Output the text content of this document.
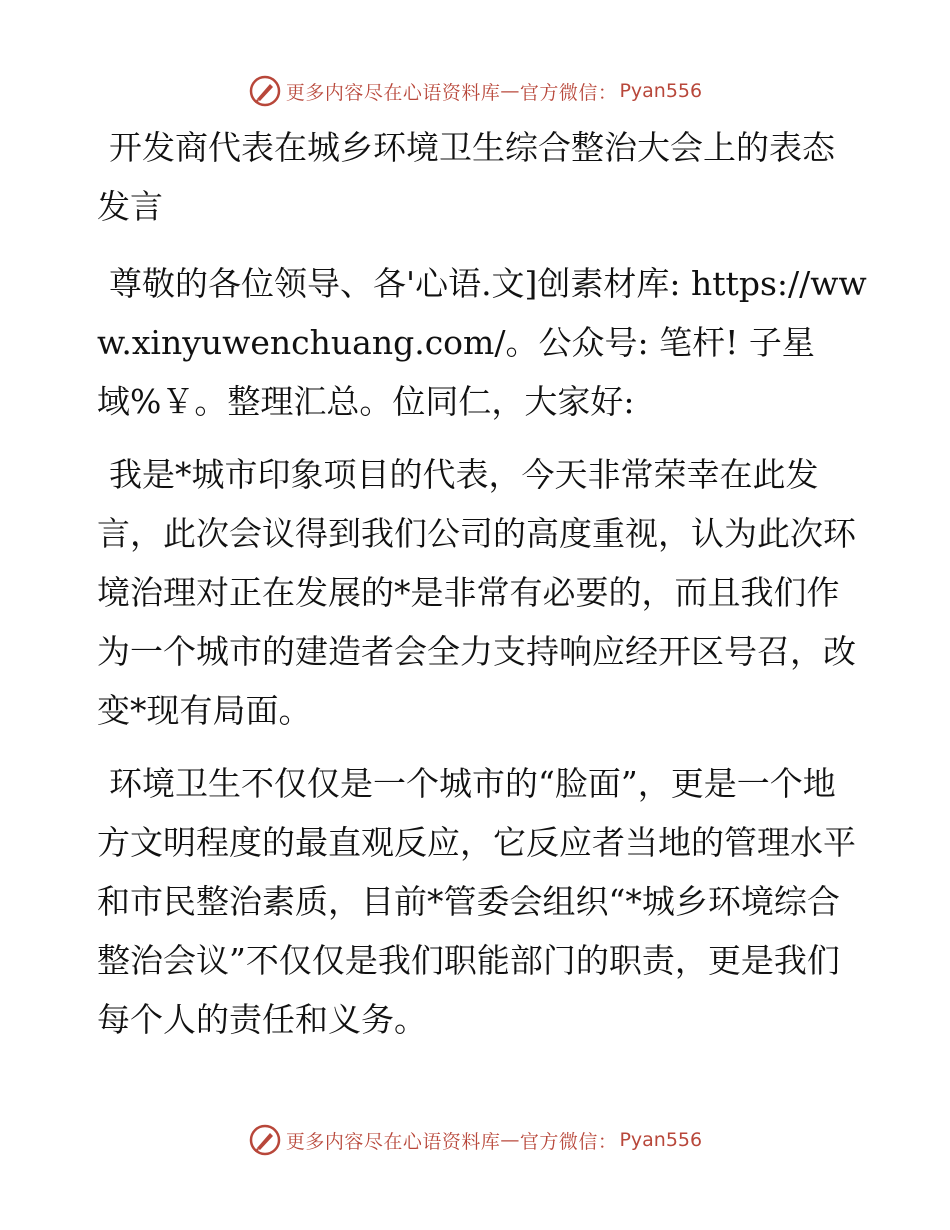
更多内容尽在心语资料库 — 官方微信： Pyan556

开发商代表在城乡环境卫生综合整治大会上的表态发言

尊敬的各位领导、各'心语.文]创素材库: https://www.xinyuwenchuang.com/。公众号: 笔杆! 子星域%￥。整理汇总。位同仁，大家好:

我是*城市印象项目的代表，今天非常荣幸在此发言，此次会议得到我们公司的高度重视，认为此次环境治理对正在发展的*是非常有必要的，而且我们作为一个城市的建造者会全力支持响应经开区号召，改变*现有局面。

环境卫生不仅仅是一个城市的“脸面”，更是一个地方文明程度的最直观反应，它反应者当地的管理水平和市民整治素质，目前*管委会组织“*城乡环境综合整治会议”不仅仅是我们职能部门的职责，更是我们每个人的责任和义务。

更多内容尽在心语资料库 — 官方微信： Pyan556
